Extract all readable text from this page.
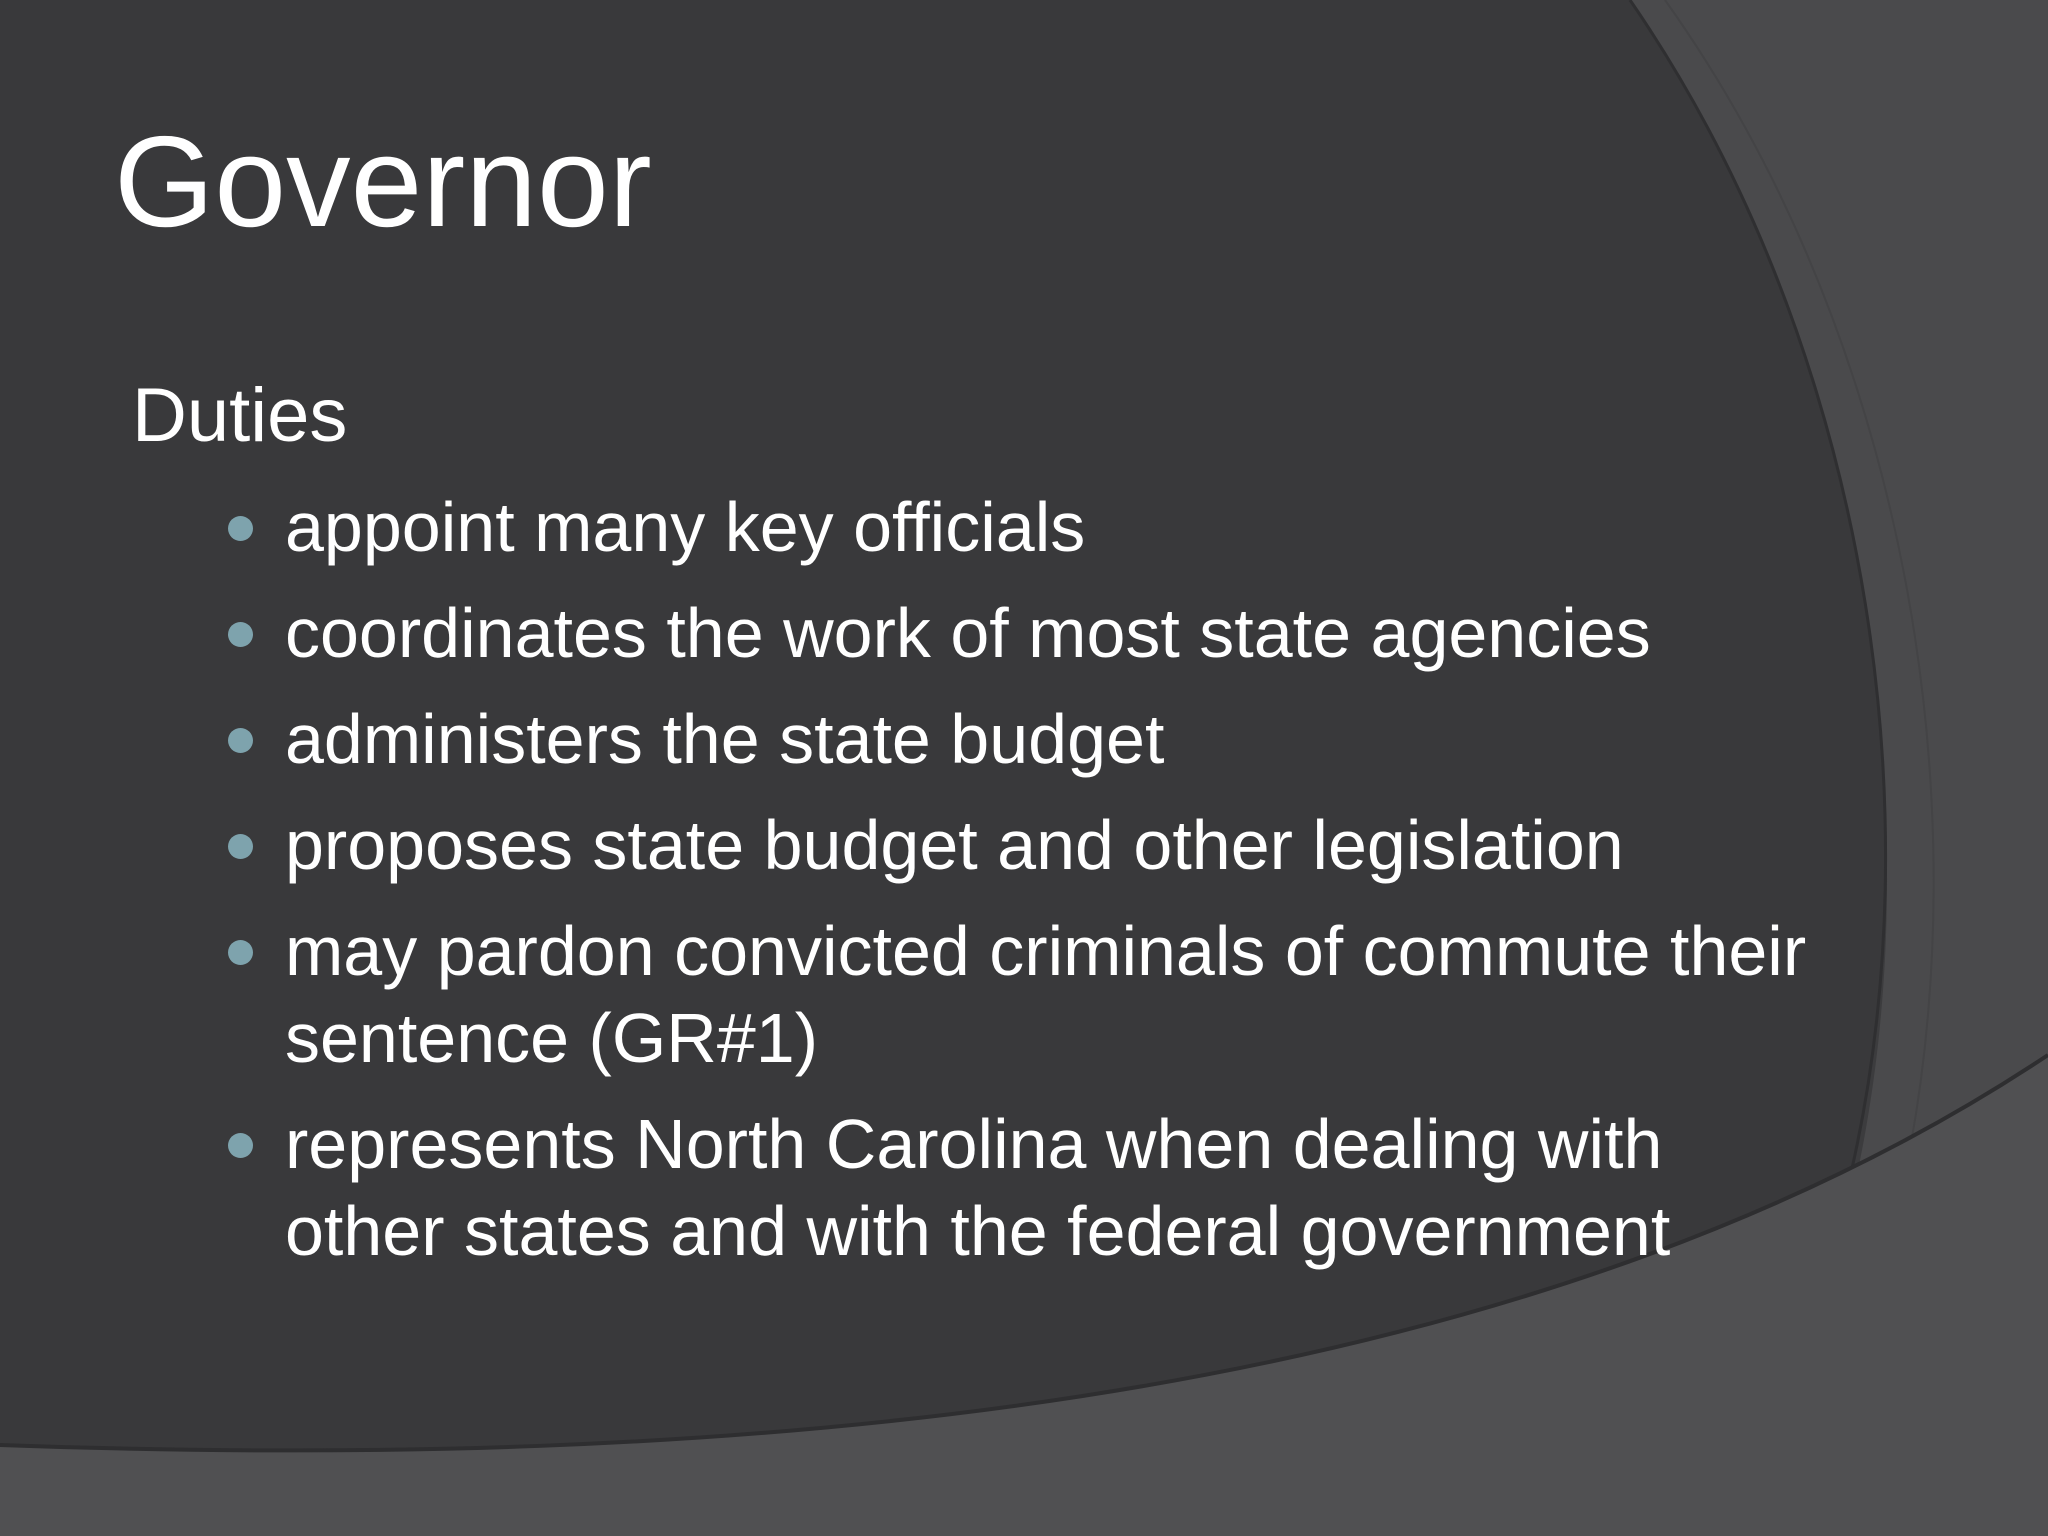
Governor
Duties
appoint many key officials
coordinates the work of most state agencies
administers the state budget
proposes state budget and other legislation
may pardon convicted criminals of commute their sentence (GR#1)
represents North Carolina when dealing with other states and with the federal government
